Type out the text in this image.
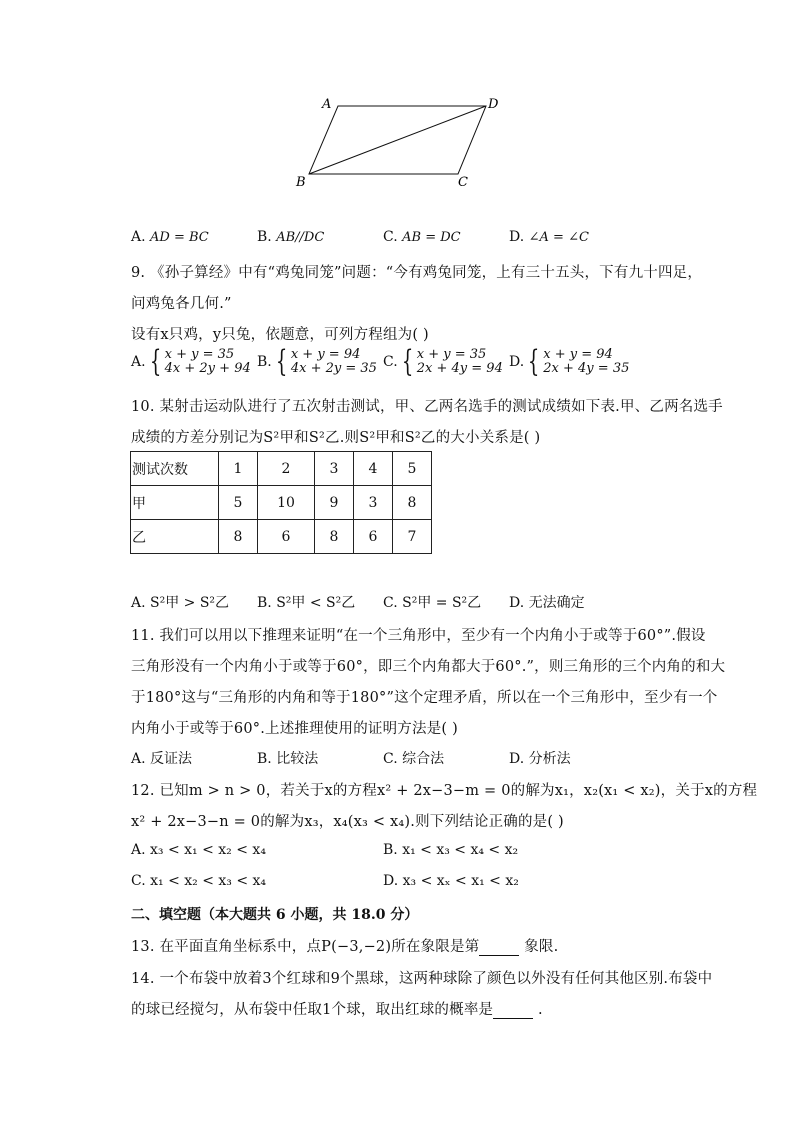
A	D
B	C
A. AD = BC	B. AB//DC	C. AB = DC	D. ∠A = ∠C
9. 《孙子算经》中有“鸡兔同笼”问题：“今有鸡兔同笼，上有三十五头，下有九十四足，
问鸡兔各几何.”
设有x只鸡，y只兔，依题意，可列方程组为( )
A. { x + y = 35
4x + 2y + 94 B. { x + y = 94
4x + 2y = 35 C. { x + y = 35
2x + 4y = 94 D. { x + y = 94
2x + 4y = 35
10. 某射击运动队进行了五次射击测试，甲、乙两名选手的测试成绩如下表.甲、乙两名选手
成绩的方差分别记为S²甲和S²乙.则S²甲和S²乙的大小关系是( )
测试次数	1	2	3	4	5
甲	5	10	9	3	8
乙	8	6	8	6	7
A. S²甲 > S²乙 B. S²甲 < S²乙 C. S²甲 = S²乙 D. 无法确定
11. 我们可以用以下推理来证明“在一个三角形中，至少有一个内角小于或等于60°”.假设
三角形没有一个内角小于或等于60°，即三个内角都大于60°.”，则三角形的三个内角的和大
于180°这与“三角形的内角和等于180°”这个定理矛盾，所以在一个三角形中，至少有一个
内角小于或等于60°.上述推理使用的证明方法是( )
A. 反证法	B. 比较法	C. 综合法	D. 分析法
12. 已知m > n > 0，若关于x的方程x² + 2x−3−m = 0的解为x₁，x₂(x₁ < x₂)，关于x的方程
x² + 2x−3−n = 0的解为x₃，x₄(x₃ < x₄).则下列结论正确的是( )
A. x₃ < x₁ < x₂ < x₄	B. x₁ < x₃ < x₄ < x₂
C. x₁ < x₂ < x₃ < x₄	D. x₃ < xₓ < x₁ < x₂
二、填空题（本大题共 6 小题，共 18.0 分）
13. 在平面直角坐标系中，点P(−3,−2)所在象限是第	象限.
14. 一个布袋中放着3个红球和9个黑球，这两种球除了颜色以外没有任何其他区别.布袋中
的球已经搅匀，从布袋中任取1个球，取出红球的概率是	.
